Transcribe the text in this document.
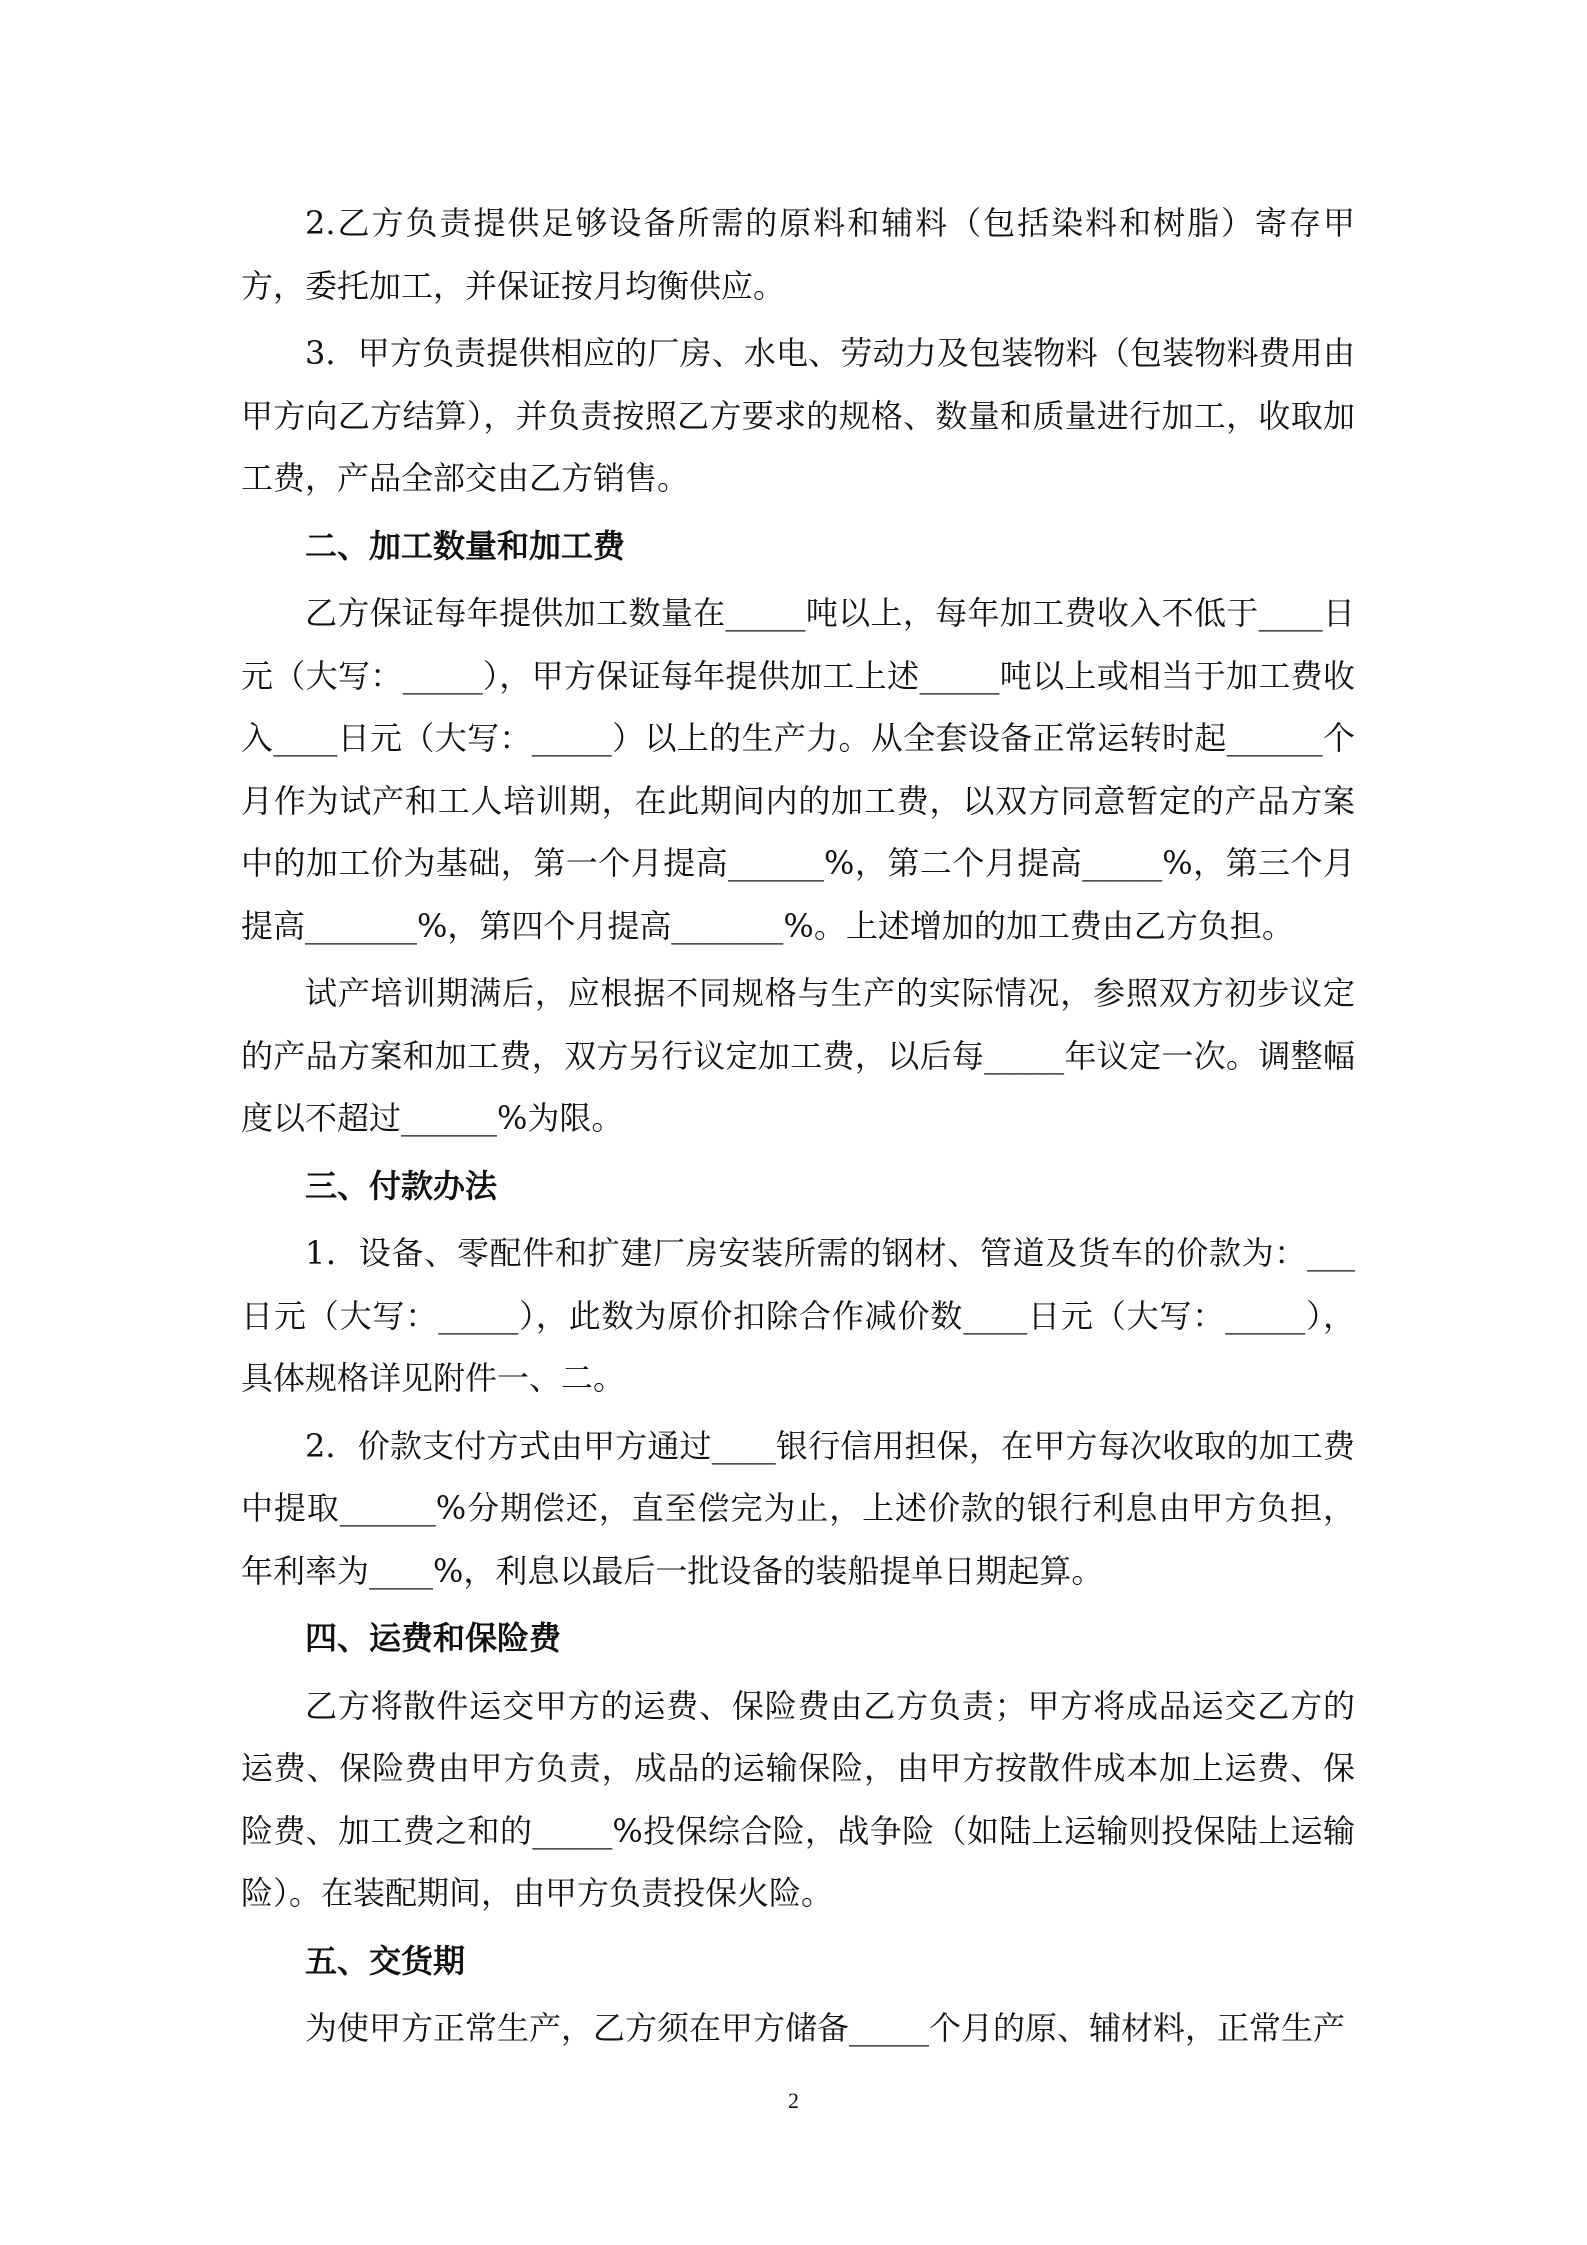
2.乙方负责提供足够设备所需的原料和辅料（包括染料和树脂）寄存甲方，委托加工，并保证按月均衡供应。

3．甲方负责提供相应的厂房、水电、劳动力及包装物料（包装物料费用由甲方向乙方结算），并负责按照乙方要求的规格、数量和质量进行加工，收取加工费，产品全部交由乙方销售。

二、加工数量和加工费

乙方保证每年提供加工数量在_____吨以上，每年加工费收入不低于____日元（大写：_____），甲方保证每年提供加工上述_____吨以上或相当于加工费收入____日元（大写：_____）以上的生产力。从全套设备正常运转时起______个月作为试产和工人培训期，在此期间内的加工费，以双方同意暂定的产品方案中的加工价为基础，第一个月提高______%，第二个月提高_____%，第三个月提高_______%，第四个月提高_______%。上述增加的加工费由乙方负担。

试产培训期满后，应根据不同规格与生产的实际情况，参照双方初步议定的产品方案和加工费，双方另行议定加工费，以后每_____年议定一次。调整幅度以不超过______%为限。

三、付款办法

1．设备、零配件和扩建厂房安装所需的钢材、管道及货车的价款为：___日元（大写：_____），此数为原价扣除合作减价数____日元（大写：_____），具体规格详见附件一、二。

2．价款支付方式由甲方通过____银行信用担保，在甲方每次收取的加工费中提取______%分期偿还，直至偿完为止，上述价款的银行利息由甲方负担，年利率为____%，利息以最后一批设备的装船提单日期起算。

四、运费和保险费

乙方将散件运交甲方的运费、保险费由乙方负责；甲方将成品运交乙方的运费、保险费由甲方负责，成品的运输保险，由甲方按散件成本加上运费、保险费、加工费之和的_____%投保综合险，战争险（如陆上运输则投保陆上运输险）。在装配期间，由甲方负责投保火险。

五、交货期

为使甲方正常生产，乙方须在甲方储备_____个月的原、辅材料，正常生产

2
